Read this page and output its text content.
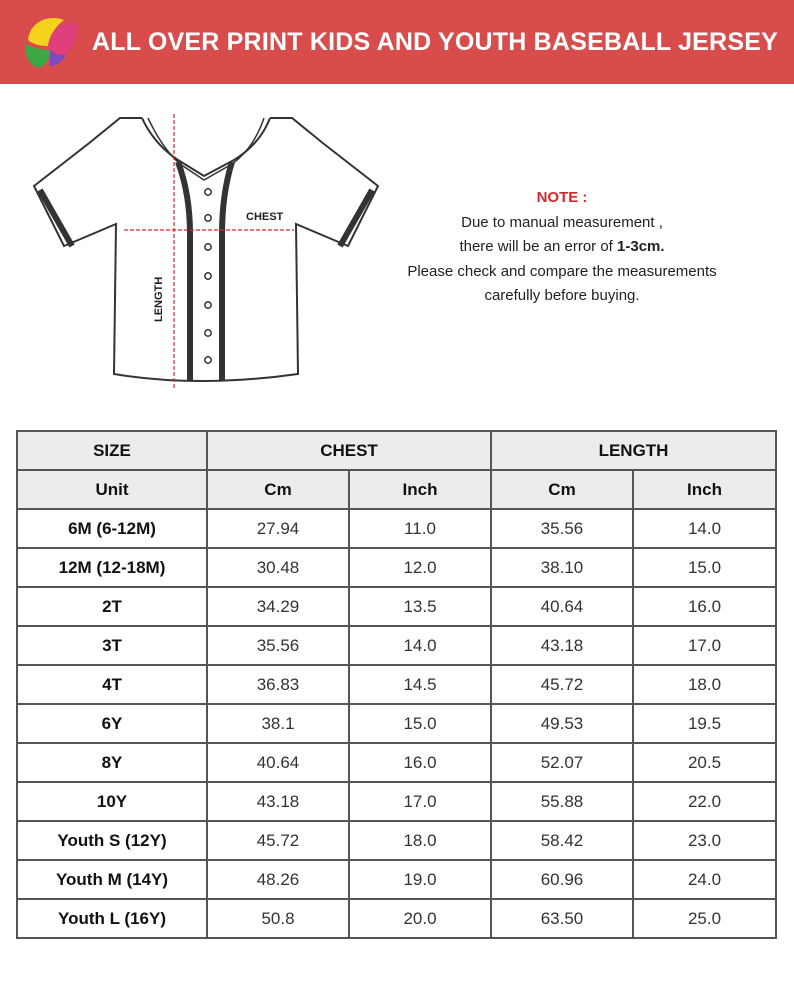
ALL OVER PRINT KIDS AND YOUTH BASEBALL JERSEY
CHEST
LENGTH
NOTE :
Due to manual measurement ,
there will be an error of 1-3cm.
Please check and compare the measurements
carefully before buying.
SIZE	CHEST		LENGTH	
Unit	Cm	Inch	Cm	Inch
6M (6-12M)	27.94	11.0	35.56	14.0
12M (12-18M)	30.48	12.0	38.10	15.0
2T	34.29	13.5	40.64	16.0
3T	35.56	14.0	43.18	17.0
4T	36.83	14.5	45.72	18.0
6Y	38.1	15.0	49.53	19.5
8Y	40.64	16.0	52.07	20.5
10Y	43.18	17.0	55.88	22.0
Youth S (12Y)	45.72	18.0	58.42	23.0
Youth M (14Y)	48.26	19.0	60.96	24.0
Youth L (16Y)	50.8	20.0	63.50	25.0
